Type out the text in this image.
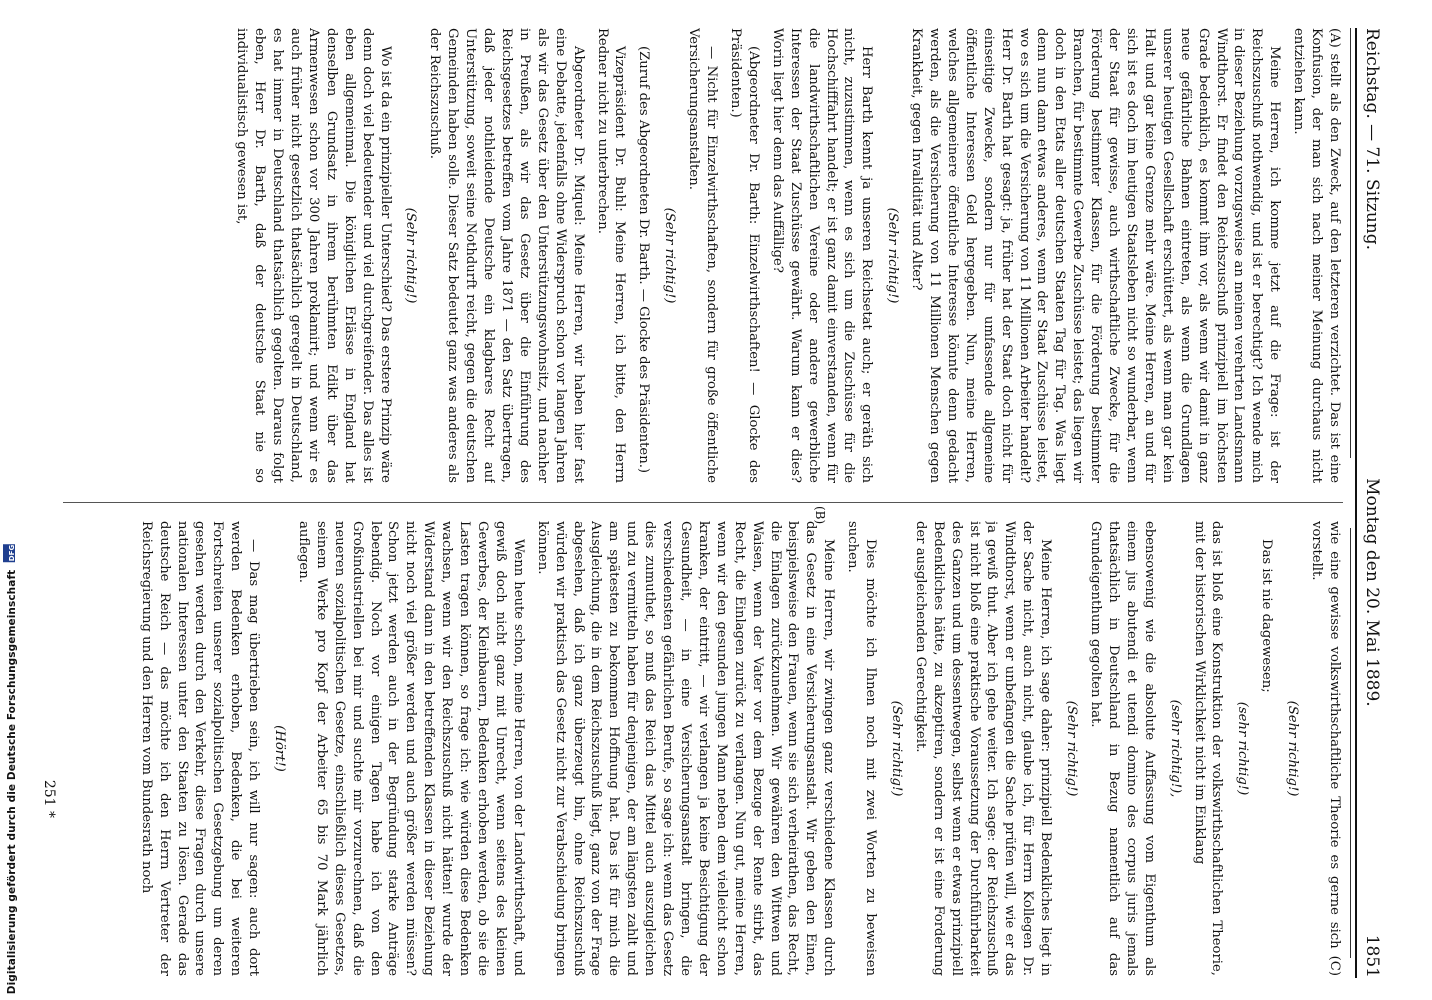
Digitalisierung gefördert durch die Deutsche Forschungsgemeinschaft DFG
Reichstag. — 71. Sitzung.
Montag den 20. Mai 1889.
1851

(A) stellt als den Zweck, auf den letzteren verzichtet. Das ist eine Konfusion, der man sich nach meiner Meinung durchaus nicht entziehen kann.

Meine Herren, ich komme jetzt auf die Frage: ist der Reichszuschuß nothwendig, und ist er berechtigt? Ich wende mich in dieser Beziehung vorzugsweise an meinen verehrten Landsmann Windthorst. Er findet den Reichszuschuß prinzipiell im höchsten Grade bedenklich, es kommt ihm vor, als wenn wir damit in ganz neue gefährliche Bahnen eintreten, als wenn die Grundlagen unserer heutigen Gesellschaft erschüttert, als wenn man gar kein Halt und gar keine Grenze mehr wäre. Meine Herren, an und für sich ist es doch im heutigen Staatsleben nicht so wunderbar, wenn der Staat für gewisse, auch wirthschaftliche Zwecke, für die Förderung bestimmter Klassen, für die Förderung bestimmter Branchen, für bestimmte Gewerbe Zuschüsse leistet; das liegen wir doch in den Etats aller deutschen Staaten Tag für Tag. Was liegt denn nun dann etwas anderes, wenn der Staat Zuschüsse leistet, wo es sich um die Versicherung von 11 Millionen Arbeiter handelt? Herr Dr. Barth hat gesagt: ja, früher hat der Staat doch nicht für einseitige Zwecke, sondern nur für umfassende allgemeine öffentliche Interessen Geld hergegeben. Nun, meine Herren, welches allgemeinere öffentliche Interesse könnte denn gedacht werden, als die Versicherung von 11 Millionen Menschen gegen Krankheit, gegen Invalidität und Alter?

(Sehr richtig!)

Herr Barth kennt ja unseren Reichsetat auch; er geräth sich nicht, zuzustimmen, wenn es sich um die Zuschüsse für die Hochschifffahrt handelt; er ist ganz damit einverstanden, wenn für die landwirthschaftlichen Vereine oder andere gewerbliche Interessen der Staat Zuschüsse gewährt. Warum kann er dies? Worin liegt hier denn das Auffällige?

(Abgeordneter Dr. Barth: Einzelwirthschaften! — Glocke des Präsidenten.)

— Nicht für Einzelwirthschaften, sondern für große öffentliche Versicherungsanstalten.

(Sehr richtig!)

(Zuruf des Abgeordneten Dr. Barth. — Glocke des Präsidenten.)

Vizepräsident Dr. Buhl: Meine Herren, ich bitte, den Herrn Redner nicht zu unterbrechen.

Abgeordneter Dr. Miquel: Meine Herren, wir haben hier fast eine Debatte, jedenfalls ohne Widerspruch schon vor langen Jahren als wir das Gesetz über den Unterstützungswohnsitz, und nachher in Preußen, als wir das Gesetz über die Einführung des Reichsgesetzes betreffen vom Jahre 1871 — den Satz übertragen, daß jeder nothleidende Deutsche ein klagbares Recht auf Unterstützung, soweit seine Nothdurft reicht, gegen die deutschen Gemeinden haben solle. Dieser Satz bedeutet ganz was anderes als der Reichszuschuß.

(Sehr richtig!)

Wo ist da ein prinzipieller Unterschied? Das erstere Prinzip wäre denn doch viel bedeutender und viel durchgreifender. Das alles ist eben allgemeinmal. Die königlichen Erlässe in England hat denselben Grundsatz in ihrem berühmten Edikt über das Armenwesen schon vor 300 Jahren proklamirt; und wenn wir es auch früher nicht gesetzlich thatsächlich geregelt in Deutschland, es hat immer in Deutschland thatsächlich gegolten. Daraus folgt eben, Herr Dr. Barth, daß der deutsche Staat nie so individualistisch gewesen ist,

(B)

wie eine gewisse volkswirthschaftliche Theorie es gerne sich (C) vorstellt.

(Sehr richtig!)

Das ist nie dagewesen;

(sehr richtig!)

das ist bloß eine Konstruktion der volkswirthschaftlichen Theorie, mit der historischen Wirklichkeit nicht im Einklang

(sehr richtig!),

ebensowenig wie die absolute Auffassung vom Eigenthum als einem jus abutendi et utendi domino des corpus juris jemals thatsächlich in Deutschland in Bezug namentlich auf das Grundeigenthum gegolten hat.

(Sehr richtig!)

Meine Herren, ich sage daher: prinzipiell Bedenkliches liegt in der Sache nicht, auch nicht, glaube ich, für Herrn Kollegen Dr. Windthorst, wenn er unbefangen die Sache prüfen will, wie er das ja gewiß thut. Aber ich gehe weiter. Ich sage: der Reichszuschuß ist nicht bloß eine praktische Voraussetzung der Durchführbarkeit des Ganzen und um dessentwegen, selbst wenn er etwas prinzipiell Bedenkliches hätte, zu akzeptiren, sondern er ist eine Forderung der ausgleichenden Gerechtigkeit.

(Sehr richtig!)

Dies möchte ich Ihnen noch mit zwei Worten zu beweisen suchen.

Meine Herren, wir zwingen ganz verschiedene Klassen durch das Gesetz in eine Versicherungsanstalt. Wir geben den Einen, beispielsweise den Frauen, wenn sie sich verheirathen, das Recht, die Einlagen zurückzunehmen. Wir gewähren den Wittwen und Waisen, wenn der Vater vor dem Bezuge der Rente stirbt, das Recht, die Einlagen zurück zu verlangen. Nun gut, meine Herren, wenn wir den gesunden jungen Mann neben dem vielleicht schon kranken, der eintritt, — wir verlangen ja keine Besichtigung der Gesundheit, — in eine Versicherungsanstalt bringen, die verschiedensten gefährlichen Berufe, so sage ich: wenn das Gesetz dies zumuthet, so muß das Reich das Mittel auch auszugleichen und zu vermitteln haben für denjenigen, der am längsten zahlt und am spätesten zu bekommen Hoffnung hat. Das ist für mich die Ausgleichung, die in dem Reichszuschuß liegt, ganz von der Frage abgesehen, daß ich ganz überzeugt bin, ohne Reichszuschuß würden wir praktisch das Gesetz nicht zur Verabschiedung bringen können.

Wenn heute schon, meine Herren, von der Landwirthschaft, und gewiß doch nicht ganz mit Unrecht, wenn seitens des kleinen Gewerbes, der Kleinbauern, Bedenken erhoben werden, ob sie die Lasten tragen können, so frage ich: wie würden diese Bedenken wachsen, wenn wir den Reichszuschuß nicht hätten! wurde der Widerstand dann in den betreffenden Klassen in dieser Beziehung nicht noch viel größer werden und auch größer werden müssen? Schon jetzt werden auch in der Begründung starke Anträge lebendig. Noch vor einigen Tagen habe ich von den Großindustriellen bei mir und suchte mir vorzurechnen, daß die neueren sozialpolitischen Gesetze, einschließlich dieses Gesetzes, seinem Werke pro Kopf der Arbeiter 65 bis 70 Mark jährlich auflegen.

(Hört!)

— Das mag übertrieben sein, ich will nur sagen: auch dort werden Bedenken erhoben, Bedenken, die bei weiteren Fortschreiten unserer sozialpolitischen Gesetzgebung um deren gesehen werden durch den Verkehr, diese Fragen durch unsere nationalen Interessen unter den Staaten zu lösen. Gerade das deutsche Reich — das möchte ich den Herrn Vertreter der Reichsregierung und den Herren vom Bundesrath noch

251 *
